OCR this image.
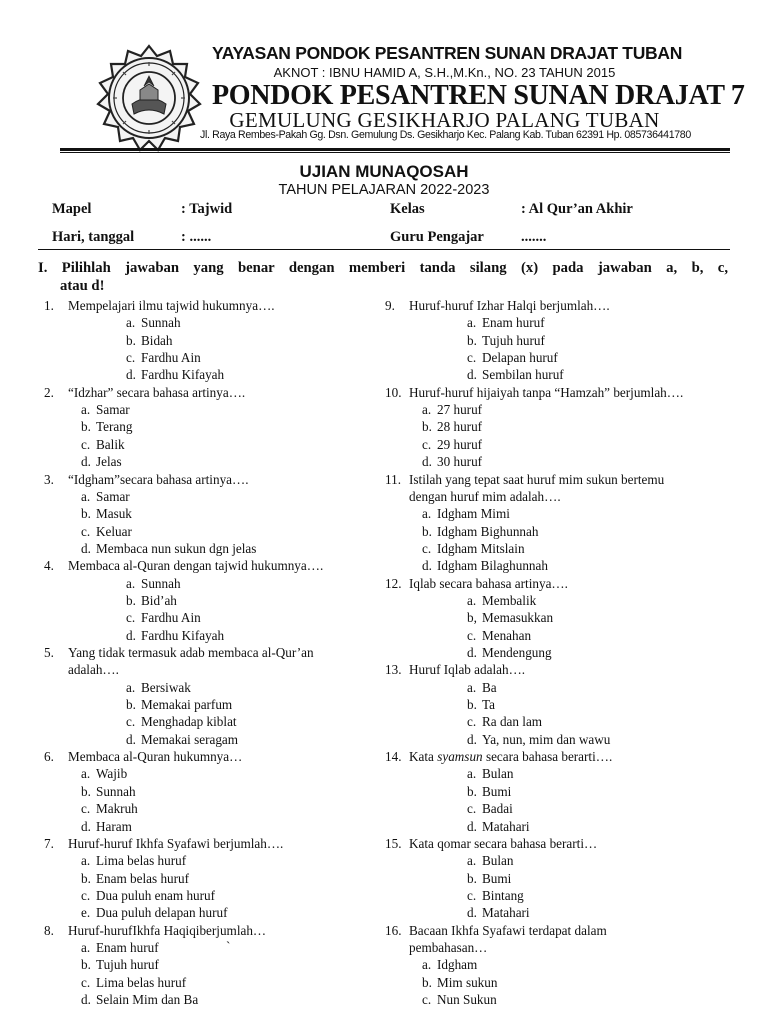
YAYASAN PONDOK PESANTREN SUNAN DRAJAT TUBAN
AKNOT : IBNU HAMID A, S.H.,M.Kn., NO. 23 TAHUN 2015
PONDOK PESANTREN SUNAN DRAJAT 7
GEMULUNG GESIKHARJO PALANG TUBAN
Jl. Raya Rembes-Pakah Gg. Dsn. Gemulung Ds. Gesikharjo Kec. Palang Kab. Tuban 62391 Hp. 085736441780
UJIAN MUNAQOSAH
TAHUN PELAJARAN 2022-2023
Mapel	: Tajwid	Kelas	: Al Qur’an Akhir
Hari, tanggal	: ......	Guru Pengajar	.......
I. Pilihlah jawaban yang benar dengan memberi tanda silang (x) pada jawaban a, b, c,
atau d!
1. Mempelajari ilmu tajwid hukumnya….
a. Sunnah
b. Bidah
c. Fardhu Ain
d. Fardhu Kifayah
2. “Idzhar” secara bahasa artinya….
a. Samar
b. Terang
c. Balik
d. Jelas
3. “Idgham”secara bahasa artinya….
a. Samar
b. Masuk
c. Keluar
d. Membaca nun sukun dgn jelas
4. Membaca al-Quran dengan tajwid hukumnya….
a. Sunnah
b. Bid’ah
c. Fardhu Ain
d. Fardhu Kifayah
5. Yang tidak termasuk adab membaca al-Qur’an
adalah….
a. Bersiwak
b. Memakai parfum
c. Menghadap kiblat
d. Memakai seragam
6. Membaca al-Quran hukumnya…
a. Wajib
b. Sunnah
c. Makruh
d. Haram
7. Huruf-huruf Ikhfa Syafawi berjumlah….
a. Lima belas huruf
b. Enam belas huruf
c. Dua puluh enam huruf
e. Dua puluh delapan huruf
8. Huruf-hurufIkhfa Haqiqiberjumlah…
a. Enam huruf
b. Tujuh huruf
c. Lima belas huruf
d. Selain Mim dan Ba
9. Huruf-huruf Izhar Halqi berjumlah….
a. Enam huruf
b. Tujuh huruf
c. Delapan huruf
d. Sembilan huruf
10. Huruf-huruf hijaiyah tanpa “Hamzah” berjumlah….
a. 27 huruf
b. 28 huruf
c. 29 huruf
d. 30 huruf
11. Istilah yang tepat saat huruf mim sukun bertemu
dengan huruf mim adalah….
a. Idgham Mimi
b. Idgham Bighunnah
c. Idgham Mitslain
d. Idgham Bilaghunnah
12. Iqlab secara bahasa artinya….
a. Membalik
b, Memasukkan
c. Menahan
d. Mendengung
13. Huruf Iqlab adalah….
a. Ba
b. Ta
c. Ra dan lam
d. Ya, nun, mim dan wawu
14. Kata syamsun secara bahasa berarti….
a. Bulan
b. Bumi
c. Badai
d. Matahari
15. Kata qomar secara bahasa berarti…
a. Bulan
b. Bumi
c. Bintang
d. Matahari
16. Bacaan Ikhfa Syafawi terdapat dalam
pembahasan…
a. Idgham
b. Mim sukun
c. Nun Sukun
`
